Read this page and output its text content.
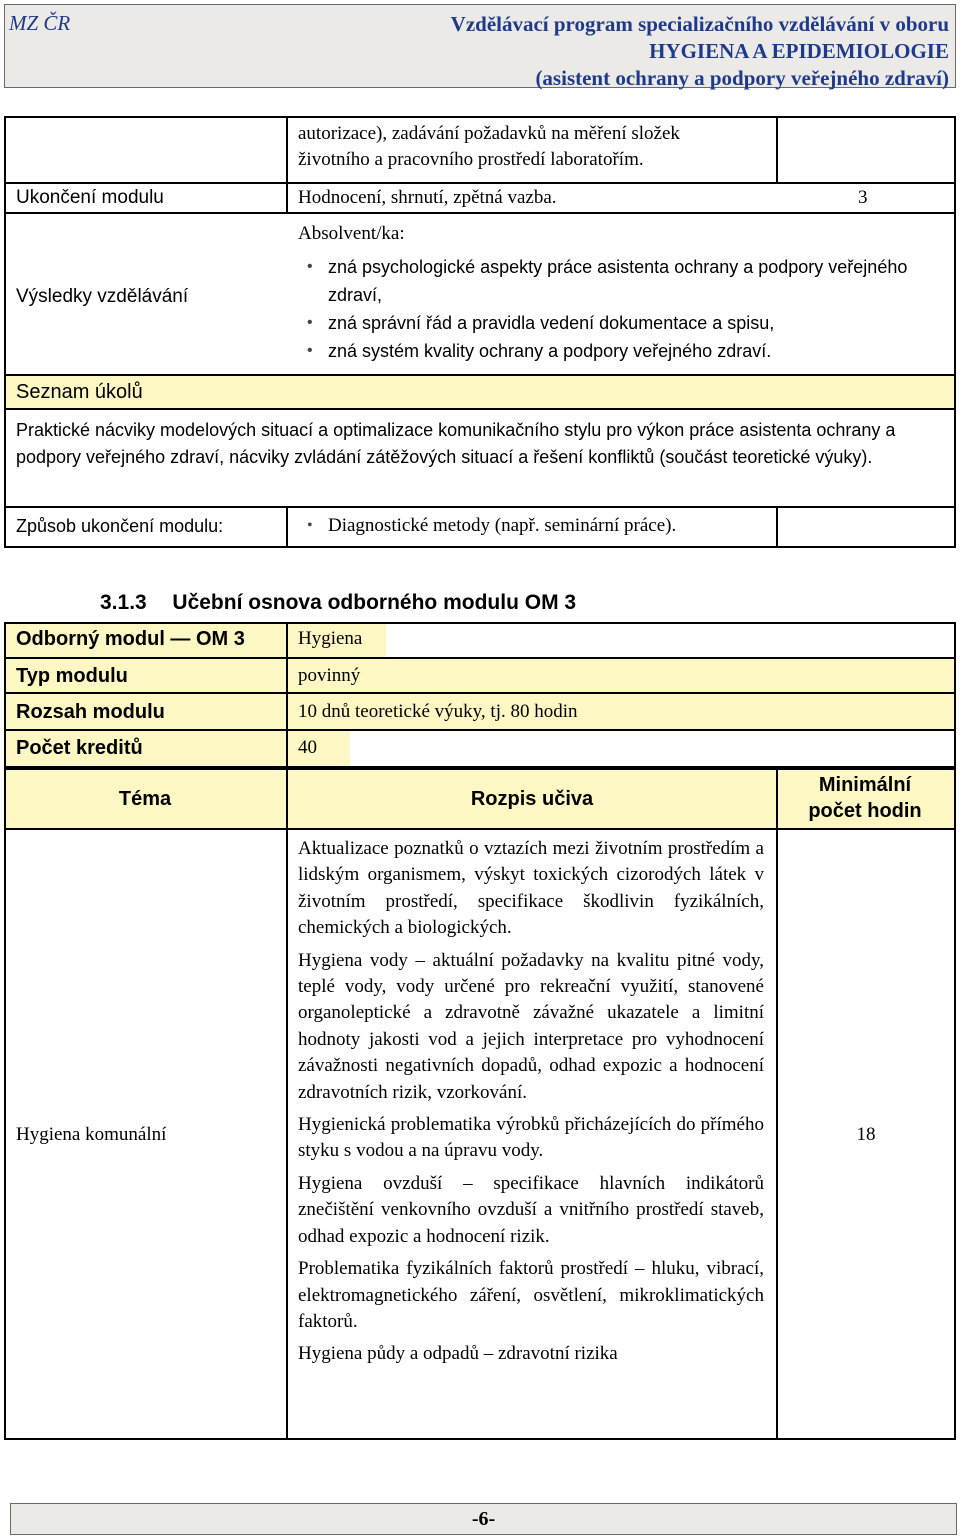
MZ ČR	Vzdělávací program specializačního vzdělávání v oboru
HYGIENA A EPIDEMIOLOGIE
(asistent ochrany a podpory veřejného zdraví)
autorizace), zadávání požadavků na měření složek
životního a pracovního prostředí laboratořím.
Ukončení modulu	Hodnocení, shrnutí, zpětná vazba.	3
Výsledky vzdělávání
Absolvent/ka:
• zná psychologické aspekty práce asistenta ochrany a podpory veřejného zdraví,
• zná správní řád a pravidla vedení dokumentace a spisu,
• zná systém kvality ochrany a podpory veřejného zdraví.
Seznam úkolů
Praktické nácviky modelových situací a optimalizace komunikačního stylu pro výkon práce asistenta ochrany a podpory veřejného zdraví, nácviky zvládání zátěžových situací a řešení konfliktů (součást teoretické výuky).
Způsob ukončení modulu:
•	Diagnostické metody (např. seminární práce).
3.1.3 Učební osnova odborného modulu OM 3
Odborný modul — OM 3	Hygiena
Typ modulu	povinný
Rozsah modulu	10 dnů teoretické výuky, tj. 80 hodin
Počet kreditů	40
Téma	Rozpis učiva
Minimální počet hodin
Hygiena komunální	18

Aktualizace poznatků o vztazích mezi životním prostředím a lidským organismem, výskyt toxických cizorodých látek v životním prostředí, specifikace škodlivin fyzikálních, chemických a biologických.

Hygiena vody – aktuální požadavky na kvalitu pitné vody, teplé vody, vody určené pro rekreační využití, stanovené organoleptické a zdravotně závažné ukazatele a limitní hodnoty jakosti vod a jejich interpretace pro vyhodnocení závažnosti negativních dopadů, odhad expozic a hodnocení zdravotních rizik, vzorkování.

Hygienická problematika výrobků přicházejících do přímého styku s vodou a na úpravu vody.

Hygiena ovzduší – specifikace hlavních indikátorů znečištění venkovního ovzduší a vnitřního prostředí staveb, odhad expozic a hodnocení rizik.

Problematika fyzikálních faktorů prostředí – hluku, vibrací, elektromagnetického záření, osvětlení, mikroklimatických faktorů.

Hygiena půdy a odpadů – zdravotní rizika

-6-
